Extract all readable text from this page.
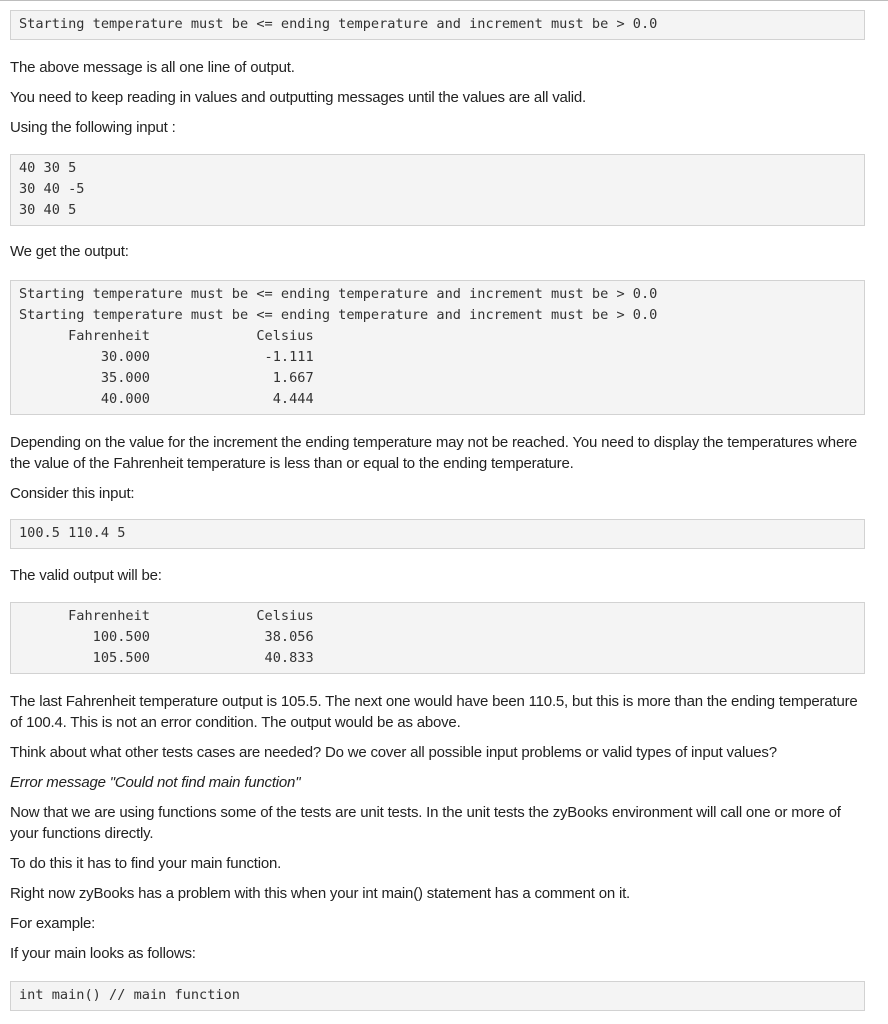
Starting temperature must be <= ending temperature and increment must be > 0.0

The above message is all one line of output.

You need to keep reading in values and outputting messages until the values are all valid.

Using the following input :

40 30 5
30 40 -5
30 40 5

We get the output:

Starting temperature must be <= ending temperature and increment must be > 0.0
Starting temperature must be <= ending temperature and increment must be > 0.0
Fahrenheit             Celsius
30.000              -1.111
35.000               1.667
40.000               4.444

Depending on the value for the increment the ending temperature may not be reached. You need to display the temperatures where the value of the Fahrenheit temperature is less than or equal to the ending temperature.

Consider this input:

100.5 110.4 5

The valid output will be:

Fahrenheit             Celsius
100.500              38.056
105.500              40.833

The last Fahrenheit temperature output is 105.5. The next one would have been 110.5, but this is more than the ending temperature of 100.4. This is not an error condition. The output would be as above.

Think about what other tests cases are needed? Do we cover all possible input problems or valid types of input values?

Error message "Could not find main function"

Now that we are using functions some of the tests are unit tests. In the unit tests the zyBooks environment will call one or more of your functions directly.

To do this it has to find your main function.

Right now zyBooks has a problem with this when your int main() statement has a comment on it.

For example:

If your main looks as follows:

int main() // main function
